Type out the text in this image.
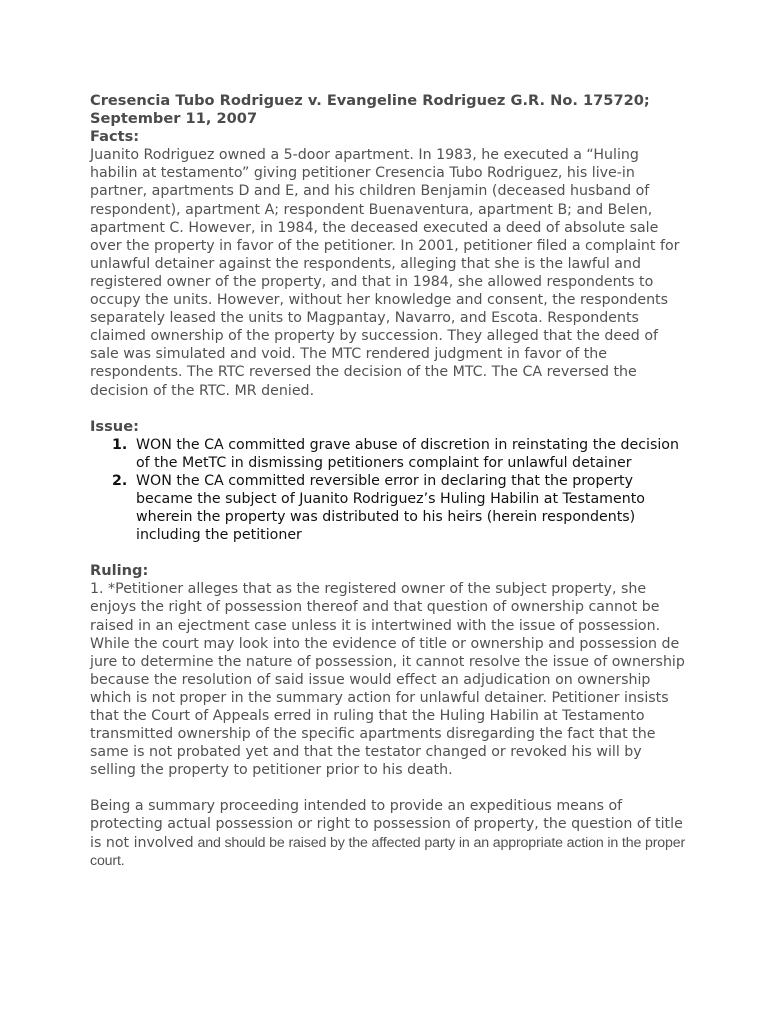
Cresencia Tubo Rodriguez v. Evangeline Rodriguez G.R. No. 175720; September 11, 2007

Facts:

Juanito Rodriguez owned a 5-door apartment. In 1983, he executed a “Huling habilin at testamento” giving petitioner Cresencia Tubo Rodriguez, his live-in partner, apartments D and E, and his children Benjamin (deceased husband of respondent), apartment A; respondent Buenaventura, apartment B; and Belen, apartment C. However, in 1984, the deceased executed a deed of absolute sale over the property in favor of the petitioner. In 2001, petitioner filed a complaint for unlawful detainer against the respondents, alleging that she is the lawful and registered owner of the property, and that in 1984, she allowed respondents to occupy the units. However, without her knowledge and consent, the respondents separately leased the units to Magpantay, Navarro, and Escota. Respondents claimed ownership of the property by succession. They alleged that the deed of sale was simulated and void. The MTC rendered judgment in favor of the respondents. The RTC reversed the decision of the MTC. The CA reversed the decision of the RTC. MR denied.

Issue:

1. WON the CA committed grave abuse of discretion in reinstating the decision of the MetTC in dismissing petitioners complaint for unlawful detainer
2. WON the CA committed reversible error in declaring that the property became the subject of Juanito Rodriguez’s Huling Habilin at Testamento wherein the property was distributed to his heirs (herein respondents) including the petitioner

Ruling:

1. *Petitioner alleges that as the registered owner of the subject property, she enjoys the right of possession thereof and that question of ownership cannot be raised in an ejectment case unless it is intertwined with the issue of possession. While the court may look into the evidence of title or ownership and possession de jure to determine the nature of possession, it cannot resolve the issue of ownership because the resolution of said issue would effect an adjudication on ownership which is not proper in the summary action for unlawful detainer. Petitioner insists that the Court of Appeals erred in ruling that the Huling Habilin at Testamento transmitted ownership of the specific apartments disregarding the fact that the same is not probated yet and that the testator changed or revoked his will by selling the property to petitioner prior to his death.

Being a summary proceeding intended to provide an expeditious means of protecting actual possession or right to possession of property, the question of title is not involved and should be raised by the affected party in an appropriate action in the proper court.
